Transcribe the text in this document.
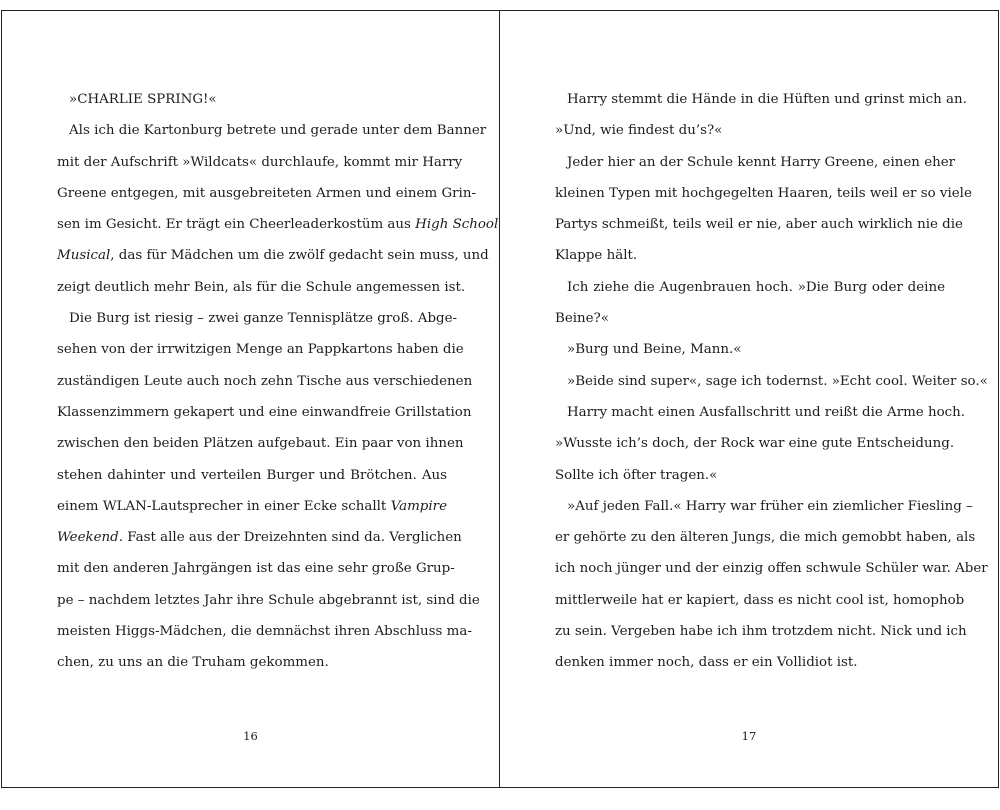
»CHARLIE SPRING!«
Als ich die Kartonburg betrete und gerade unter dem Banner
mit der Aufschrift »Wildcats« durchlaufe, kommt mir Harry
Greene entgegen, mit ausgebreiteten Armen und einem Grin-
sen im Gesicht. Er trägt ein Cheerleaderkostüm aus High School
Musical, das für Mädchen um die zwölf gedacht sein muss, und
zeigt deutlich mehr Bein, als für die Schule angemessen ist.
Die Burg ist riesig – zwei ganze Tennisplätze groß. Abge-
sehen von der irrwitzigen Menge an Pappkartons haben die
zuständigen Leute auch noch zehn Tische aus verschiedenen
Klassenzimmern gekapert und eine einwandfreie Grillstation
zwischen den beiden Plätzen aufgebaut. Ein paar von ihnen
stehen dahinter und verteilen Burger und Brötchen. Aus
einem WLAN-Lautsprecher in einer Ecke schallt Vampire
Weekend. Fast alle aus der Dreizehnten sind da. Verglichen
mit den anderen Jahrgängen ist das eine sehr große Grup-
pe – nachdem letztes Jahr ihre Schule abgebrannt ist, sind die
meisten Higgs-Mädchen, die demnächst ihren Abschluss ma-
chen, zu uns an die Truham gekommen.
16
Harry stemmt die Hände in die Hüften und grinst mich an.
»Und, wie findest du’s?«
Jeder hier an der Schule kennt Harry Greene, einen eher
kleinen Typen mit hochgegelten Haaren, teils weil er so viele
Partys schmeißt, teils weil er nie, aber auch wirklich nie die
Klappe hält.
Ich ziehe die Augenbrauen hoch. »Die Burg oder deine
Beine?«
»Burg und Beine, Mann.«
»Beide sind super«, sage ich todernst. »Echt cool. Weiter so.«
Harry macht einen Ausfallschritt und reißt die Arme hoch.
»Wusste ich’s doch, der Rock war eine gute Entscheidung.
Sollte ich öfter tragen.«
»Auf jeden Fall.« Harry war früher ein ziemlicher Fiesling –
er gehörte zu den älteren Jungs, die mich gemobbt haben, als
ich noch jünger und der einzig offen schwule Schüler war. Aber
mittlerweile hat er kapiert, dass es nicht cool ist, homophob
zu sein. Vergeben habe ich ihm trotzdem nicht. Nick und ich
denken immer noch, dass er ein Vollidiot ist.
17
